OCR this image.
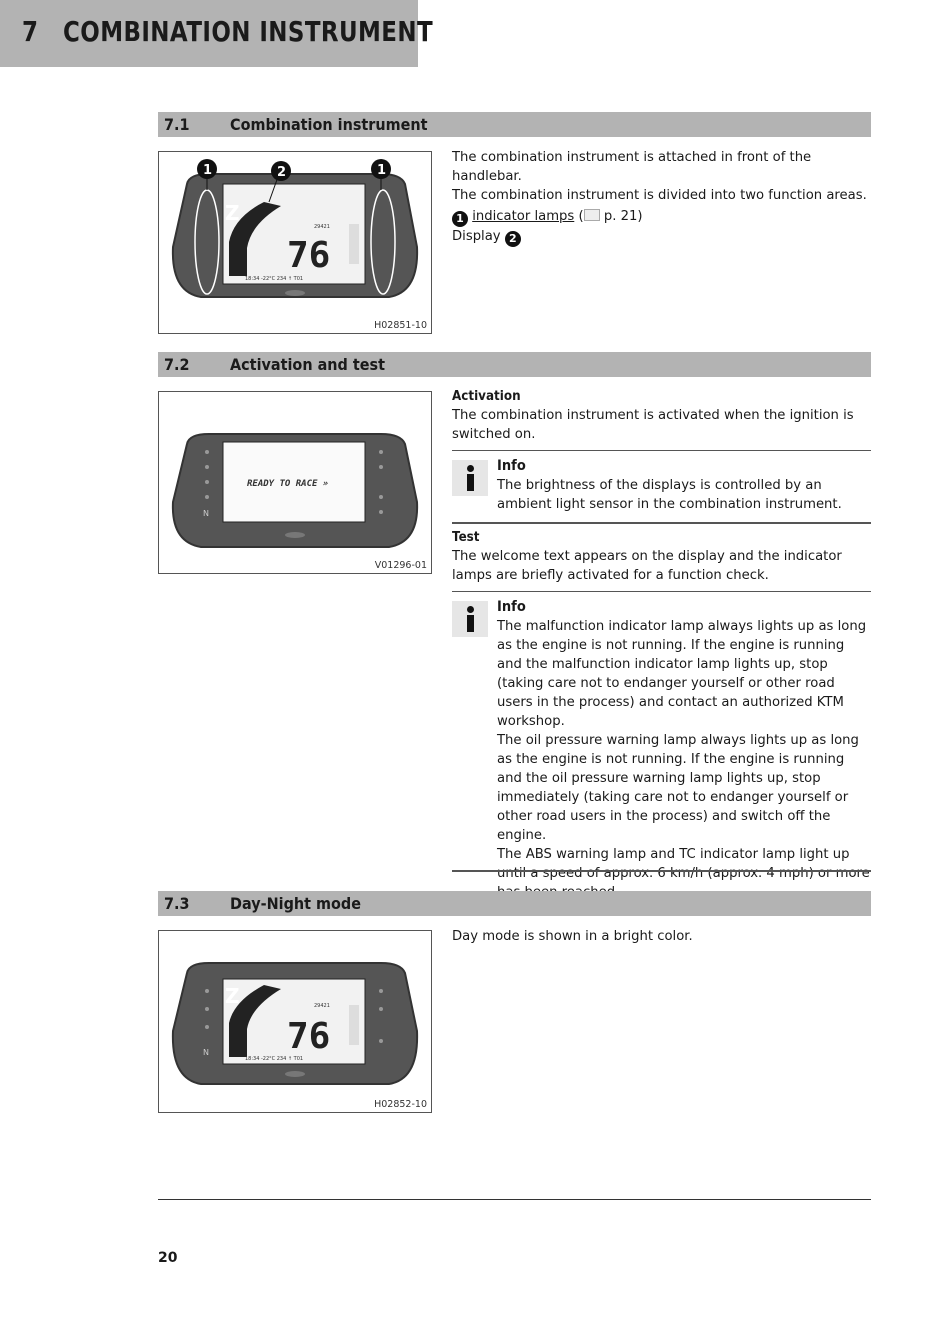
7 COMBINATION INSTRUMENT
7.1	Combination instrument
Z
76
29421
18:34 -22°C 234 ↑ T01
1	2	1
H02851-10

The combination instrument is attached in front of the handlebar.

The combination instrument is divided into two function areas.

1 indicator lamps ( p. 21)

Display 2

7.2	Activation and test
READY TO RACE »
N
V01296-01
Activation

The combination instrument is activated when the ignition is switched on.

Info

The brightness of the displays is controlled by an ambient light sensor in the combination instrument.

Test

The welcome text appears on the display and the indicator lamps are briefly activated for a function check.

Info

The malfunction indicator lamp always lights up as long as the engine is not running. If the engine is running and the malfunction indicator lamp lights up, stop (taking care not to endanger yourself or other road users in the process) and contact an authorized KTM workshop.

The oil pressure warning lamp always lights up as long as the engine is not running. If the engine is running and the oil pressure warning lamp lights up, stop immediately (taking care not to endanger yourself or other road users in the process) and switch off the engine.

The ABS warning lamp and TC indicator lamp light up until a speed of approx. 6 km/h (approx. 4 mph) or more

7.3	Day-Night mode
Z
76
29421
18:34 -22°C 234 ↑ T01
N
H02852-10

Day mode is shown in a bright color.

20
